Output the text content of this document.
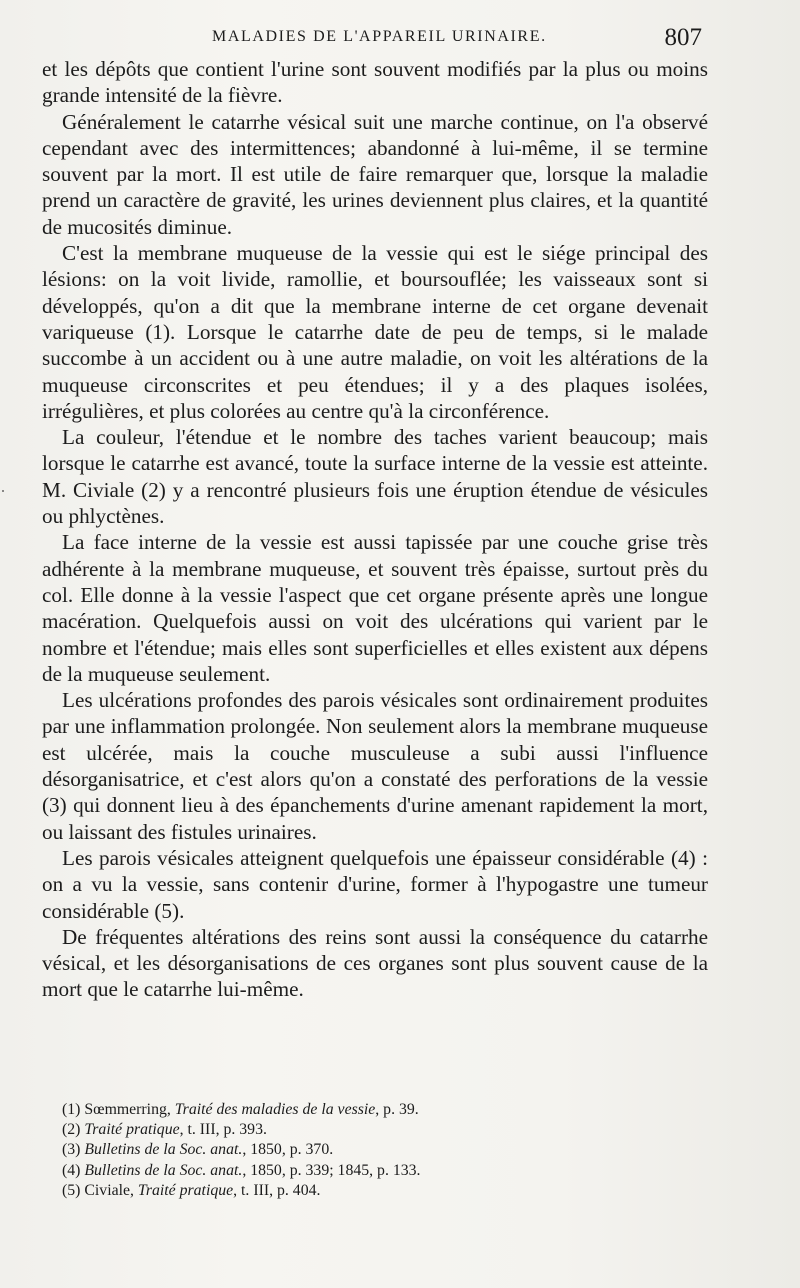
MALADIES DE L'APPAREIL URINAIRE.	807

et les dépôts que contient l'urine sont souvent modifiés par la plus ou moins grande intensité de la fièvre.

Généralement le catarrhe vésical suit une marche continue, on l'a observé cependant avec des intermittences; abandonné à lui-même, il se termine souvent par la mort. Il est utile de faire remarquer que, lorsque la maladie prend un caractère de gravité, les urines deviennent plus claires, et la quantité de mucosités diminue.

C'est la membrane muqueuse de la vessie qui est le siége principal des lésions: on la voit livide, ramollie, et boursouflée; les vaisseaux sont si développés, qu'on a dit que la membrane interne de cet organe devenait variqueuse (1). Lorsque le catarrhe date de peu de temps, si le malade succombe à un accident ou à une autre maladie, on voit les altérations de la muqueuse circonscrites et peu étendues; il y a des plaques isolées, irrégulières, et plus colorées au centre qu'à la circonférence.

La couleur, l'étendue et le nombre des taches varient beaucoup; mais lorsque le catarrhe est avancé, toute la surface interne de la vessie est atteinte. M. Civiale (2) y a rencontré plusieurs fois une éruption étendue de vésicules ou phlyctènes.

La face interne de la vessie est aussi tapissée par une couche grise très adhérente à la membrane muqueuse, et souvent très épaisse, surtout près du col. Elle donne à la vessie l'aspect que cet organe présente après une longue macération. Quelquefois aussi on voit des ulcérations qui varient par le nombre et l'étendue; mais elles sont superficielles et elles existent aux dépens de la muqueuse seulement.

Les ulcérations profondes des parois vésicales sont ordinairement produites par une inflammation prolongée. Non seulement alors la membrane muqueuse est ulcérée, mais la couche musculeuse a subi aussi l'influence désorganisatrice, et c'est alors qu'on a constaté des perforations de la vessie (3) qui donnent lieu à des épanchements d'urine amenant rapidement la mort, ou laissant des fistules urinaires.

Les parois vésicales atteignent quelquefois une épaisseur considérable (4) : on a vu la vessie, sans contenir d'urine, former à l'hypogastre une tumeur considérable (5).

De fréquentes altérations des reins sont aussi la conséquence du catarrhe vésical, et les désorganisations de ces organes sont plus souvent cause de la mort que le catarrhe lui-même.

(1) Sœmmerring, Traité des maladies de la vessie, p. 39.
(2) Traité pratique, t. III, p. 393.
(3) Bulletins de la Soc. anat., 1850, p. 370.
(4) Bulletins de la Soc. anat., 1850, p. 339; 1845, p. 133.
(5) Civiale, Traité pratique, t. III, p. 404.
